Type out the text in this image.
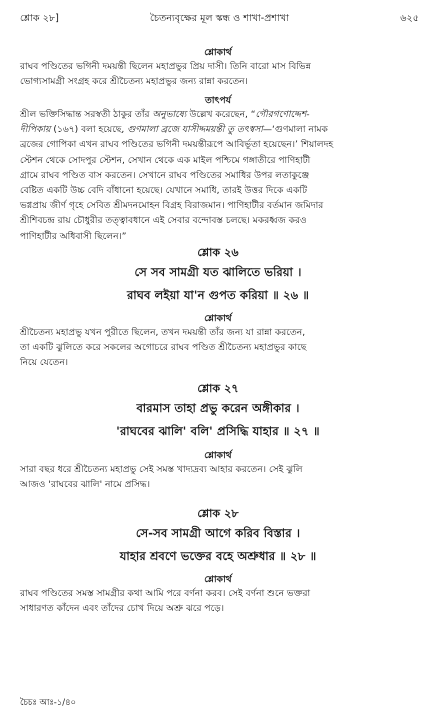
শ্লোক ২৮]	চৈতন্যবৃক্ষের মূল স্কন্ধ ও শাখা-প্রশাখা	৬২৫
শ্লোকার্থ
রাঘব পণ্ডিতের ভগিনী দময়ন্তী ছিলেন মহাপ্রভুর প্রিয় দাসী। তিনি বারো মাস বিভিন্ন
ভোগ্যসামগ্রী সংগ্রহ করে শ্রীচৈতন্য মহাপ্রভুর জন্য রান্না করতেন।
তাৎপর্য
শ্রীল ভক্তিসিদ্ধান্ত সরস্বতী ঠাকুর তাঁর অনুভাষ্যে উল্লেখ করেছেন, “গৌরগণোদ্দেশ-
দীপিকায় (১৬৭) বলা হয়েছে, গুণমালা ব্রজে যাসীদ্দময়ন্তী তু তৎস্বসা—‘গুণমালা নামক
ব্রজের গোপিকা এখন রাঘব পণ্ডিতের ভগিনী দময়ন্তীরূপে আবির্ভূতা হয়েছেন।’ শিয়ালদহ
স্টেশন থেকে সোদপুর স্টেশন, সেখান থেকে এক মাইল পশ্চিমে গঙ্গাতীরে পাণিহাটী
গ্রামে রাঘব পণ্ডিত বাস করতেন। সেখানে রাঘব পণ্ডিতের সমাধির উপর লতাকুঞ্জে
বেষ্টিত একটি উচ্চ বেদি বাঁধানো হয়েছে। যেখানে সমাধি, তারই উত্তর দিকে একটি
ভগ্নপ্রায় জীর্ণ গৃহে সেবিত শ্রীমদনমোহন বিগ্রহ বিরাজমান। পাণিহাটীর বর্তমান জমিদার
শ্রীশিবচন্দ্র রায় চৌধুরীর তত্ত্বাবধানে এই সেবার বন্দোবস্ত চলছে। মকরধ্বজ করও
পাণিহাটীর অধিবাসী ছিলেন।”
শ্লোক ২৬
সে সব সামগ্রী যত ঝালিতে ভরিয়া ।
রাঘব লইয়া যা'ন গুপত করিয়া ॥ ২৬ ॥
শ্লোকার্থ
শ্রীচৈতন্য মহাপ্রভু যখন পুরীতে ছিলেন, তখন দময়ন্তী তাঁর জন্য যা রান্না করতেন,
তা একটি ঝুলিতে করে সকলের অগোচরে রাঘব পণ্ডিত শ্রীচৈতন্য মহাপ্রভুর কাছে
নিয়ে যেতেন।
শ্লোক ২৭
বারমাস তাহা প্রভু করেন অঙ্গীকার ।
'রাঘবের ঝালি' বলি' প্রসিদ্ধি যাহার ॥ ২৭ ॥
শ্লোকার্থ
সারা বছর ধরে শ্রীচৈতন্য মহাপ্রভু সেই সমস্ত খাদ্যদ্রব্য আহার করতেন। সেই ঝুলি
আজও 'রাঘবের ঝালি' নামে প্রসিদ্ধ।
শ্লোক ২৮
সে-সব সামগ্রী আগে করিব বিস্তার ।
যাহার শ্রবণে ভক্তের বহে অশ্রুধার ॥ ২৮ ॥
শ্লোকার্থ
রাঘব পণ্ডিতের সমস্ত সামগ্রীর কথা আমি পরে বর্ণনা করব। সেই বর্ণনা শুনে ভক্তরা
সাধারণত কাঁদেন এবং তাঁদের চোখ দিয়ে অশ্রু ঝরে পড়ে।
চৈচঃ আঃ-১/৪০
